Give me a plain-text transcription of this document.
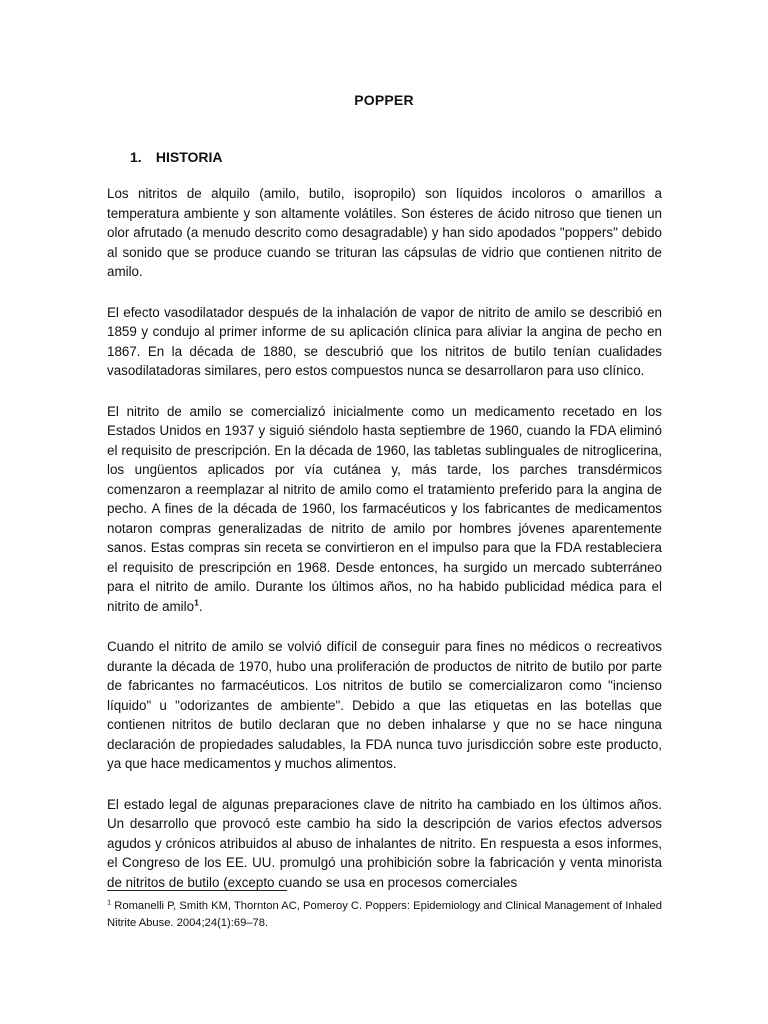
POPPER
1. HISTORIA

Los nitritos de alquilo (amilo, butilo, isopropilo) son líquidos incoloros o amarillos a temperatura ambiente y son altamente volátiles. Son ésteres de ácido nitroso que tienen un olor afrutado (a menudo descrito como desagradable) y han sido apodados "poppers" debido al sonido que se produce cuando se trituran las cápsulas de vidrio que contienen nitrito de amilo.

El efecto vasodilatador después de la inhalación de vapor de nitrito de amilo se describió en 1859 y condujo al primer informe de su aplicación clínica para aliviar la angina de pecho en 1867. En la década de 1880, se descubrió que los nitritos de butilo tenían cualidades vasodilatadoras similares, pero estos compuestos nunca se desarrollaron para uso clínico.

El nitrito de amilo se comercializó inicialmente como un medicamento recetado en los Estados Unidos en 1937 y siguió siéndolo hasta septiembre de 1960, cuando la FDA eliminó el requisito de prescripción. En la década de 1960, las tabletas sublinguales de nitroglicerina, los ungüentos aplicados por vía cutánea y, más tarde, los parches transdérmicos comenzaron a reemplazar al nitrito de amilo como el tratamiento preferido para la angina de pecho. A fines de la década de 1960, los farmacéuticos y los fabricantes de medicamentos notaron compras generalizadas de nitrito de amilo por hombres jóvenes aparentemente sanos. Estas compras sin receta se convirtieron en el impulso para que la FDA restableciera el requisito de prescripción en 1968. Desde entonces, ha surgido un mercado subterráneo para el nitrito de amilo. Durante los últimos años, no ha habido publicidad médica para el nitrito de amilo$^1$.

Cuando el nitrito de amilo se volvió difícil de conseguir para fines no médicos o recreativos durante la década de 1970, hubo una proliferación de productos de nitrito de butilo por parte de fabricantes no farmacéuticos. Los nitritos de butilo se comercializaron como "incienso líquido" u "odorizantes de ambiente". Debido a que las etiquetas en las botellas que contienen nitritos de butilo declaran que no deben inhalarse y que no se hace ninguna declaración de propiedades saludables, la FDA nunca tuvo jurisdicción sobre este producto, ya que hace medicamentos y muchos alimentos.

El estado legal de algunas preparaciones clave de nitrito ha cambiado en los últimos años. Un desarrollo que provocó este cambio ha sido la descripción de varios efectos adversos agudos y crónicos atribuidos al abuso de inhalantes de nitrito. En respuesta a esos informes, el Congreso de los EE. UU. promulgó una prohibición sobre la fabricación y venta minorista de nitritos de butilo (excepto cuando se usa en procesos comerciales

$^1$ Romanelli P, Smith KM, Thornton AC, Pomeroy C. Poppers: Epidemiology and Clinical Management of Inhaled Nitrite Abuse. 2004;24(1):69–78.
